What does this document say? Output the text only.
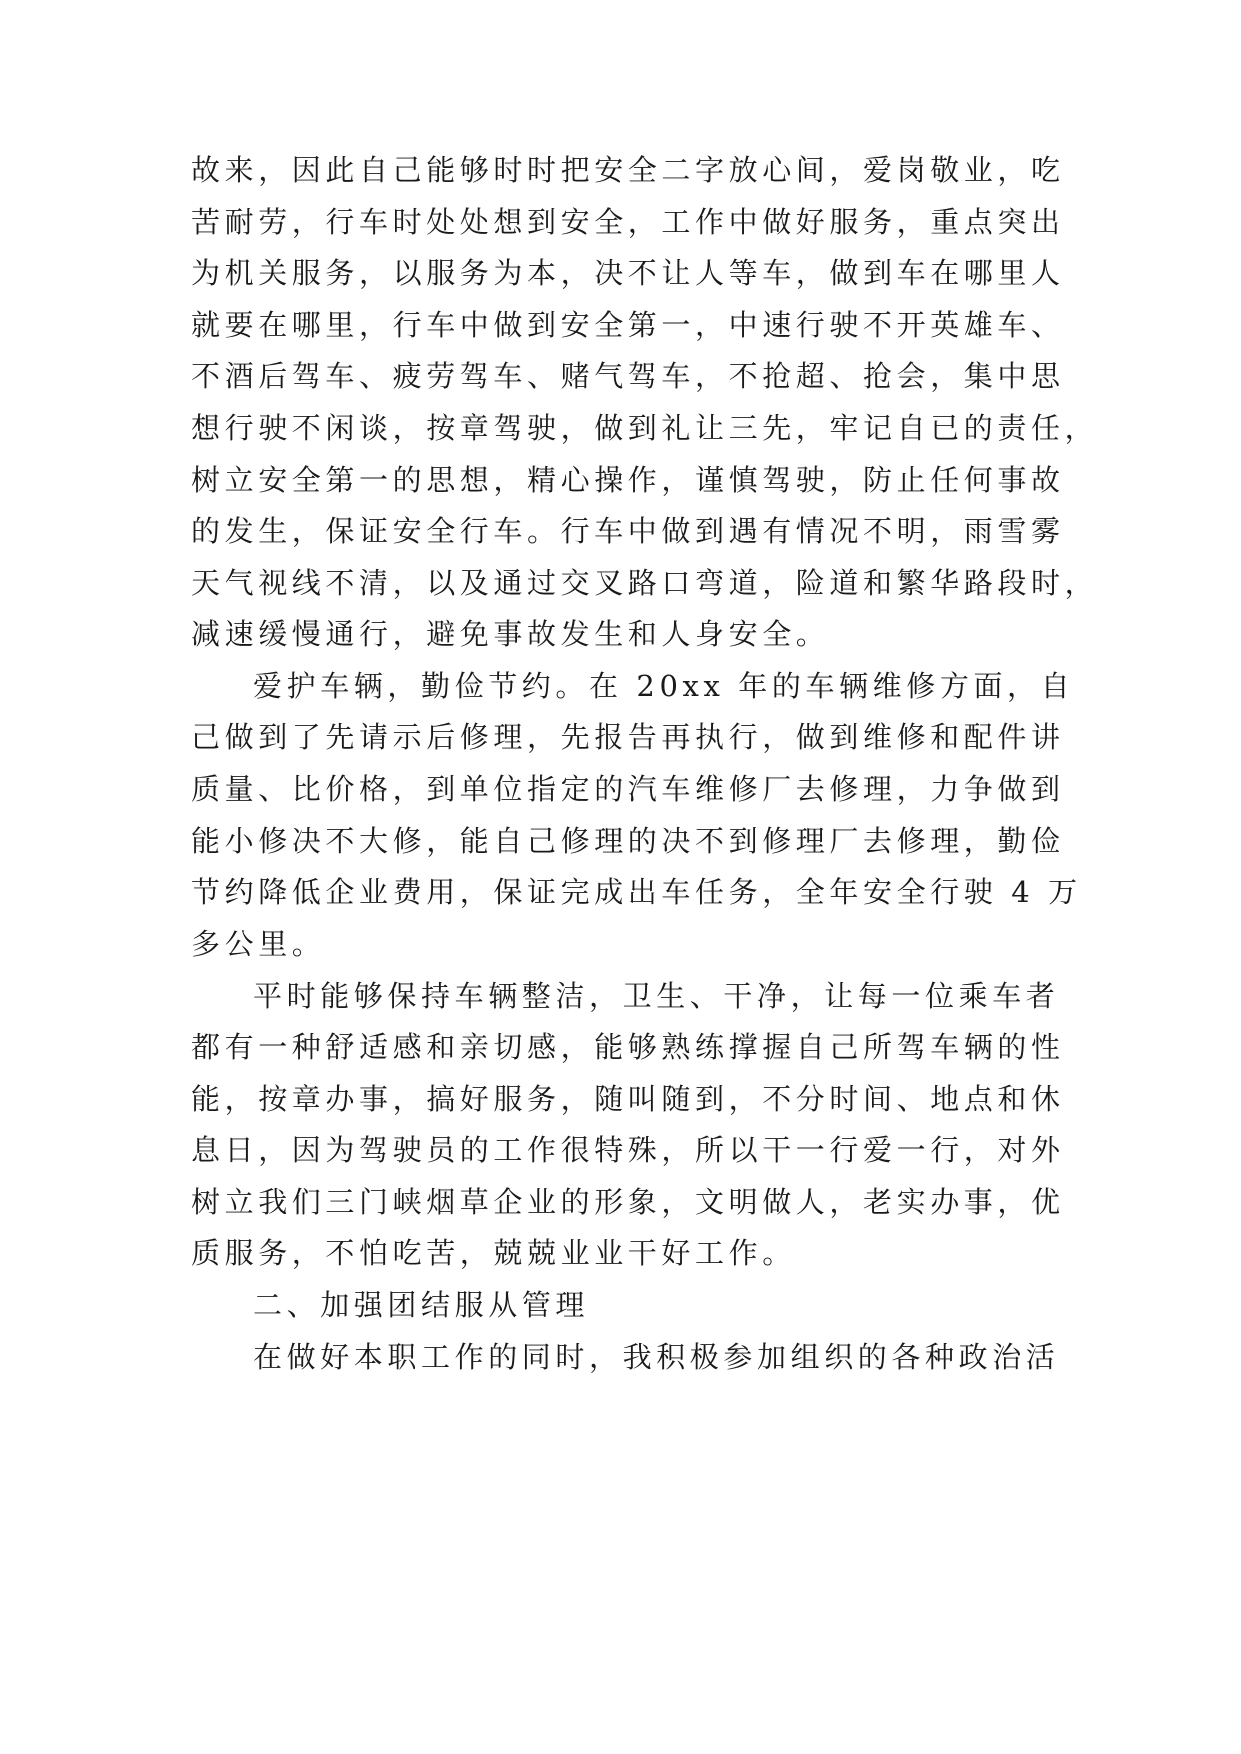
故来，因此自己能够时时把安全二字放心间，爱岗敬业，吃
苦耐劳，行车时处处想到安全，工作中做好服务，重点突出
为机关服务，以服务为本，决不让人等车，做到车在哪里人
就要在哪里，行车中做到安全第一，中速行驶不开英雄车、
不酒后驾车、疲劳驾车、赌气驾车，不抢超、抢会，集中思
想行驶不闲谈，按章驾驶，做到礼让三先，牢记自已的责任，
树立安全第一的思想，精心操作，谨慎驾驶，防止任何事故
的发生，保证安全行车。行车中做到遇有情况不明，雨雪雾
天气视线不清，以及通过交叉路口弯道，险道和繁华路段时，
减速缓慢通行，避免事故发生和人身安全。
爱护车辆，勤俭节约。在 20xx 年的车辆维修方面，自
己做到了先请示后修理，先报告再执行，做到维修和配件讲
质量、比价格，到单位指定的汽车维修厂去修理，力争做到
能小修决不大修，能自己修理的决不到修理厂去修理，勤俭
节约降低企业费用，保证完成出车任务，全年安全行驶 4 万
多公里。
平时能够保持车辆整洁，卫生、干净，让每一位乘车者
都有一种舒适感和亲切感，能够熟练撑握自己所驾车辆的性
能，按章办事，搞好服务，随叫随到，不分时间、地点和休
息日，因为驾驶员的工作很特殊，所以干一行爱一行，对外
树立我们三门峡烟草企业的形象，文明做人，老实办事，优
质服务，不怕吃苦，兢兢业业干好工作。
二、加强团结服从管理
在做好本职工作的同时，我积极参加组织的各种政治活
